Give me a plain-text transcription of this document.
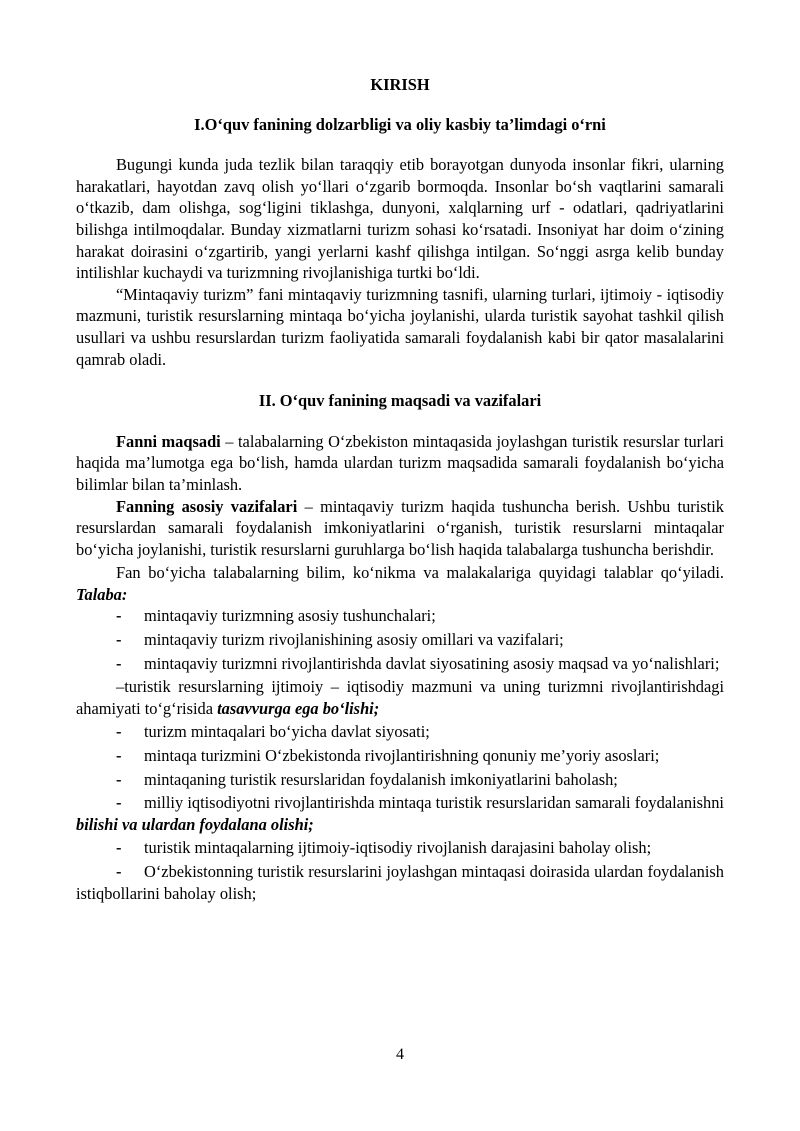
KIRISH
I.O‘quv fanining dolzarbligi va oliy kasbiy ta’limdagi o‘rni

Bugungi kunda juda tezlik bilan taraqqiy etib borayotgan dunyoda insonlar fikri, ularning harakatlari, hayotdan zavq olish yo‘llari o‘zgarib bormoqda. Insonlar bo‘sh vaqtlarini samarali o‘tkazib, dam olishga, sog‘ligini tiklashga, dunyoni, xalqlarning urf - odatlari, qadriyatlarini bilishga intilmoqdalar. Bunday xizmatlarni turizm sohasi ko‘rsatadi. Insoniyat har doim o‘zining harakat doirasini o‘zgartirib, yangi yerlarni kashf qilishga intilgan. So‘nggi asrga kelib bunday intilishlar kuchaydi va turizmning rivojlanishiga turtki bo‘ldi.

“Mintaqaviy turizm” fani mintaqaviy turizmning tasnifi, ularning turlari, ijtimoiy - iqtisodiy mazmuni, turistik resurslarning mintaqa bo‘yicha joylanishi, ularda turistik sayohat tashkil qilish usullari va ushbu resurslardan turizm faoliyatida samarali foydalanish kabi bir qator masalalarini qamrab oladi.

II. O‘quv fanining maqsadi va vazifalari

Fanni maqsadi – talabalarning O‘zbekiston mintaqasida joylashgan turistik resurslar turlari haqida ma’lumotga ega bo‘lish, hamda ulardan turizm maqsadida samarali foydalanish bo‘yicha bilimlar bilan ta’minlash.

Fanning asosiy vazifalari – mintaqaviy turizm haqida tushuncha berish. Ushbu turistik resurslardan samarali foydalanish imkoniyatlarini o‘rganish, turistik resurslarni mintaqalar bo‘yicha joylanishi, turistik resurslarni guruhlarga bo‘lish haqida talabalarga tushuncha berishdir.

Fan bo‘yicha talabalarning bilim, ko‘nikma va malakalariga quyidagi talablar qo‘yiladi. Talaba:

- mintaqaviy turizmning asosiy tushunchalari;
- mintaqaviy turizm rivojlanishining asosiy omillari va vazifalari;
- mintaqaviy turizmni rivojlantirishda davlat siyosatining asosiy maqsad va yo‘nalishlari;

–turistik resurslarning ijtimoiy – iqtisodiy mazmuni va uning turizmni rivojlantirishdagi ahamiyati to‘g‘risida tasavvurga ega bo‘lishi;

- turizm mintaqalari bo‘yicha davlat siyosati;
- mintaqa turizmini O‘zbekistonda rivojlantirishning qonuniy me’yoriy asoslari;
- mintaqaning turistik resurslaridan foydalanish imkoniyatlarini baholash;
- milliy iqtisodiyotni rivojlantirishda mintaqa turistik resurslaridan samarali foydalanishni bilishi va ulardan foydalana olishi;
- turistik mintaqalarning ijtimoiy-iqtisodiy rivojlanish darajasini baholay olish;
- O‘zbekistonning turistik resurslarini joylashgan mintaqasi doirasida ulardan foydalanish istiqbollarini baholay olish;
4
